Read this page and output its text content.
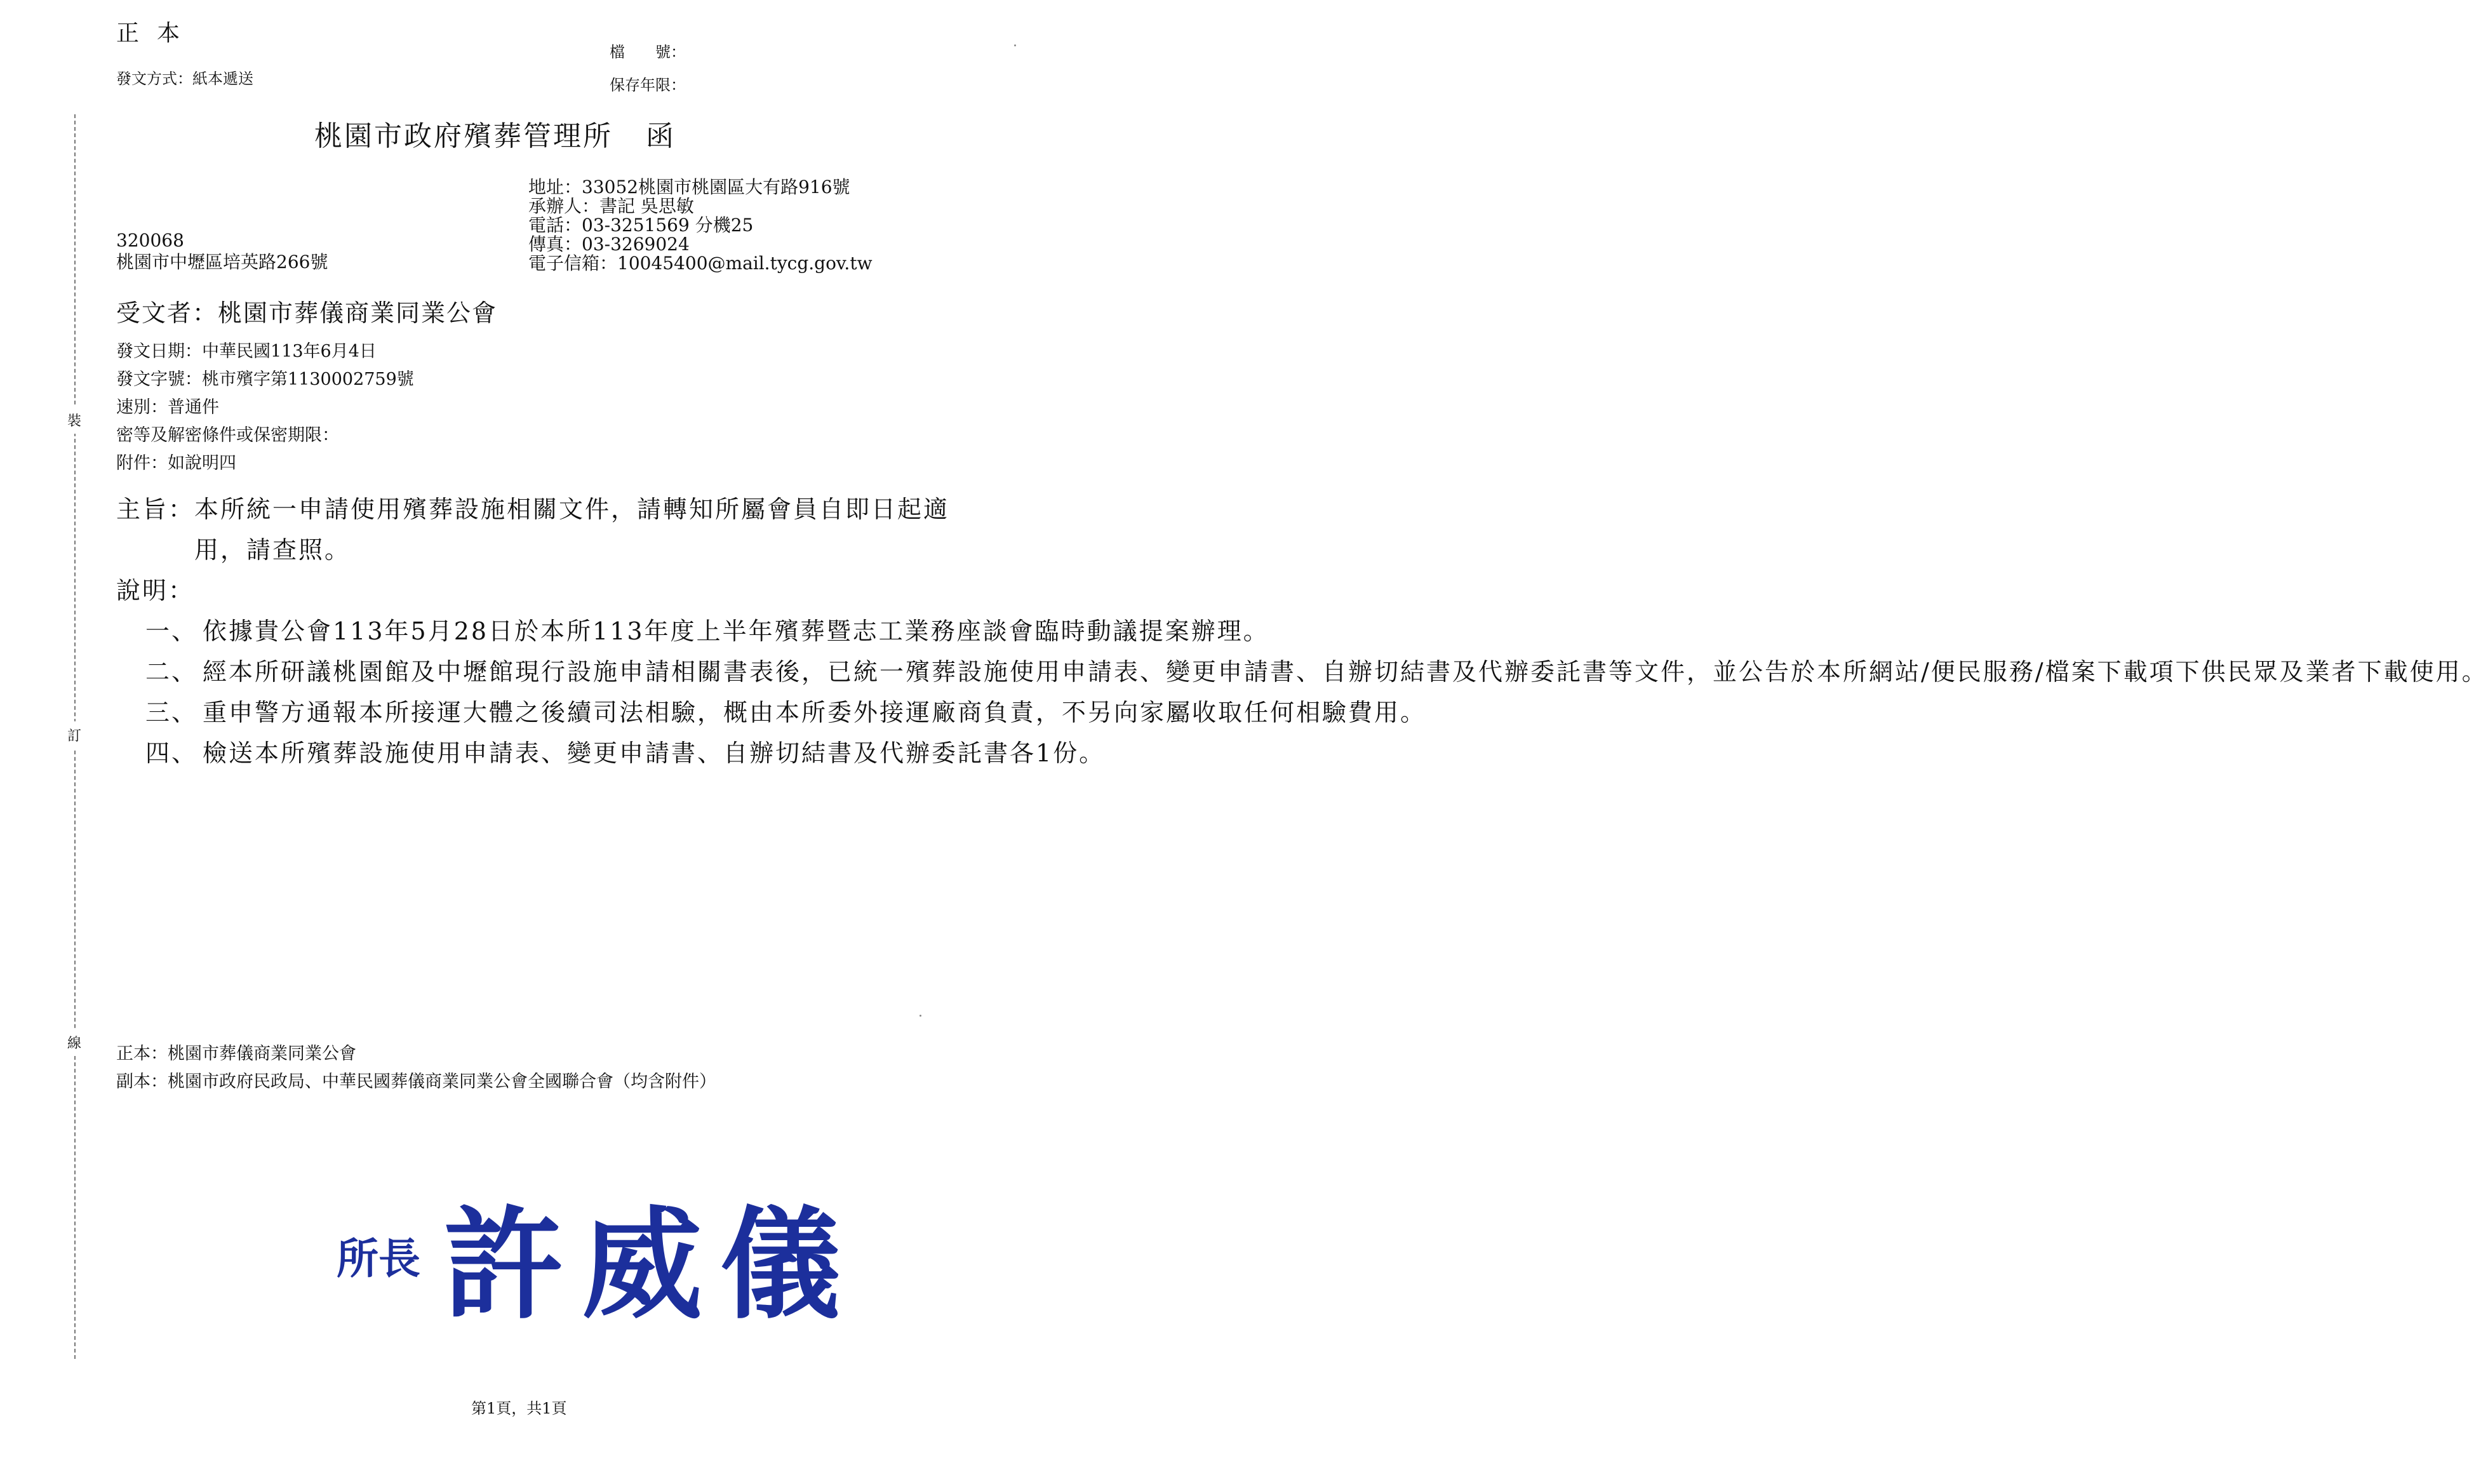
裝
訂
線
正本
發文方式：紙本遞送
檔　　號：
保存年限：
桃園市政府殯葬管理所 函
地址：33052桃園市桃園區大有路916號
承辦人：書記 吳思敏
電話：03-3251569 分機25
傳真：03-3269024
電子信箱：10045400@mail.tycg.gov.tw
320068
桃園市中壢區培英路266號
受文者：桃園市葬儀商業同業公會
發文日期：中華民國113年6月4日
發文字號：桃市殯字第1130002759號
速別：普通件
密等及解密條件或保密期限：
附件：如說明四
主旨： 本所統一申請使用殯葬設施相關文件，請轉知所屬會員自即日起適用，請查照。
說明：
一、 依據貴公會113年5月28日於本所113年度上半年殯葬暨志工業務座談會臨時動議提案辦理。
二、 經本所研議桃園館及中壢館現行設施申請相關書表後，已統一殯葬設施使用申請表、變更申請書、自辦切結書及代辦委託書等文件，並公告於本所網站/便民服務/檔案下載項下供民眾及業者下載使用。
三、 重申警方通報本所接運大體之後續司法相驗，概由本所委外接運廠商負責，不另向家屬收取任何相驗費用。
四、 檢送本所殯葬設施使用申請表、變更申請書、自辦切結書及代辦委託書各1份。
正本：桃園市葬儀商業同業公會
副本：桃園市政府民政局、中華民國葬儀商業同業公會全國聯合會（均含附件）
所長 許威儀
第1頁，共1頁
